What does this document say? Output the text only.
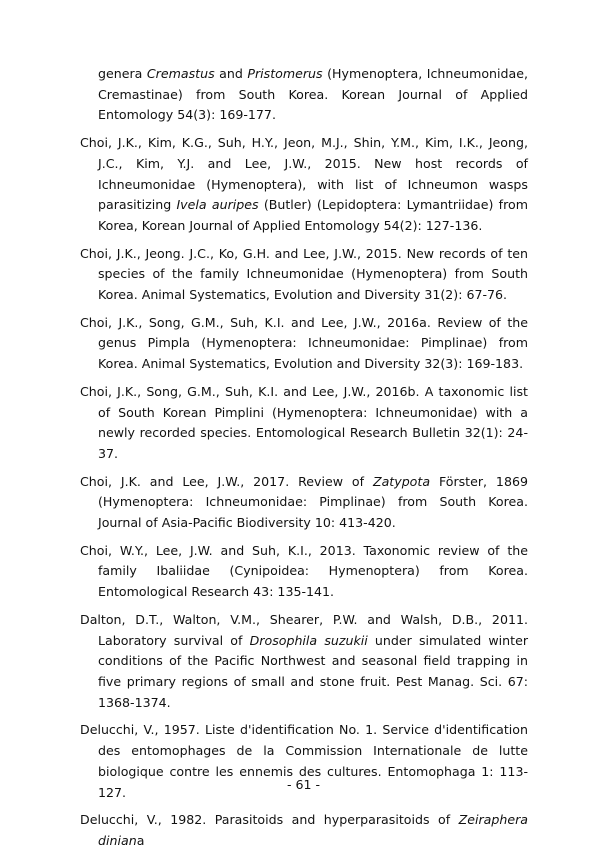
genera Cremastus and Pristomerus (Hymenoptera, Ichneumonidae, Cremastinae) from South Korea. Korean Journal of Applied Entomology 54(3): 169-177.

Choi, J.K., Kim, K.G., Suh, H.Y., Jeon, M.J., Shin, Y.M., Kim, I.K., Jeong, J.C., Kim, Y.J. and Lee, J.W., 2015. New host records of Ichneumonidae (Hymenoptera), with list of Ichneumon wasps parasitizing Ivela auripes (Butler) (Lepidoptera: Lymantriidae) from Korea, Korean Journal of Applied Entomology 54(2): 127-136.

Choi, J.K., Jeong. J.C., Ko, G.H. and Lee, J.W., 2015. New records of ten species of the family Ichneumonidae (Hymenoptera) from South Korea. Animal Systematics, Evolution and Diversity 31(2): 67-76.

Choi, J.K., Song, G.M., Suh, K.I. and Lee, J.W., 2016a. Review of the genus Pimpla (Hymenoptera: Ichneumonidae: Pimplinae) from Korea. Animal Systematics, Evolution and Diversity 32(3): 169-183.

Choi, J.K., Song, G.M., Suh, K.I. and Lee, J.W., 2016b. A taxonomic list of South Korean Pimplini (Hymenoptera: Ichneumonidae) with a newly recorded species. Entomological Research Bulletin 32(1): 24-37.

Choi, J.K. and Lee, J.W., 2017. Review of Zatypota Förster, 1869 (Hymenoptera: Ichneumonidae: Pimplinae) from South Korea. Journal of Asia-Pacific Biodiversity 10: 413-420.

Choi, W.Y., Lee, J.W. and Suh, K.I., 2013. Taxonomic review of the family Ibaliidae (Cynipoidea: Hymenoptera) from Korea. Entomological Research 43: 135-141.

Dalton, D.T., Walton, V.M., Shearer, P.W. and Walsh, D.B., 2011. Laboratory survival of Drosophila suzukii under simulated winter conditions of the Pacific Northwest and seasonal field trapping in five primary regions of small and stone fruit. Pest Manag. Sci. 67: 1368-1374.

Delucchi, V., 1957. Liste d'identification No. 1. Service d'identification des entomophages de la Commission Internationale de lutte biologique contre les ennemis des cultures. Entomophaga 1: 113-127.

Delucchi, V., 1982. Parasitoids and hyperparasitoids of Zeiraphera diniana

- 61 -
